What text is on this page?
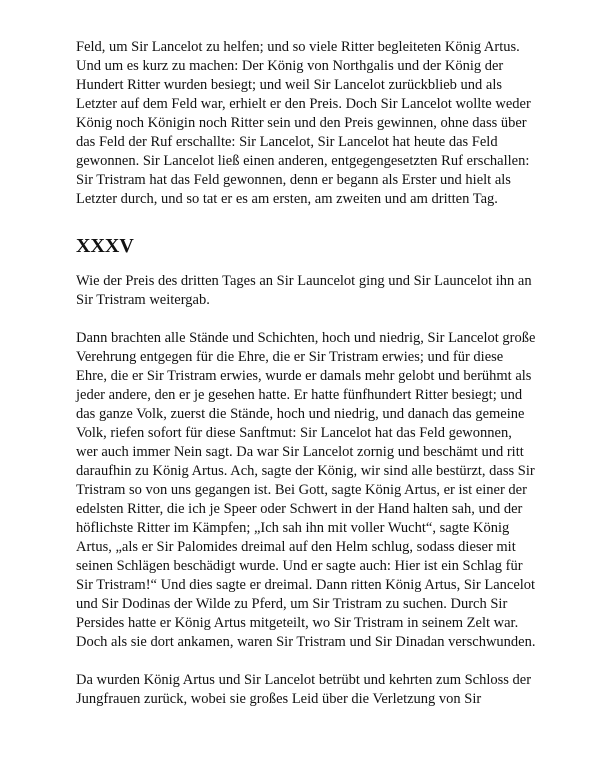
Feld, um Sir Lancelot zu helfen; und so viele Ritter begleiteten König Artus. Und um es kurz zu machen: Der König von Northgalis und der König der Hundert Ritter wurden besiegt; und weil Sir Lancelot zurückblieb und als Letzter auf dem Feld war, erhielt er den Preis. Doch Sir Lancelot wollte weder König noch Königin noch Ritter sein und den Preis gewinnen, ohne dass über das Feld der Ruf erschallte: Sir Lancelot, Sir Lancelot hat heute das Feld gewonnen. Sir Lancelot ließ einen anderen, entgegengesetzten Ruf erschallen: Sir Tristram hat das Feld gewonnen, denn er begann als Erster und hielt als Letzter durch, und so tat er es am ersten, am zweiten und am dritten Tag.

XXXV

Wie der Preis des dritten Tages an Sir Launcelot ging und Sir Launcelot ihn an Sir Tristram weitergab.

Dann brachten alle Stände und Schichten, hoch und niedrig, Sir Lancelot große Verehrung entgegen für die Ehre, die er Sir Tristram erwies; und für diese Ehre, die er Sir Tristram erwies, wurde er damals mehr gelobt und berühmt als jeder andere, den er je gesehen hatte. Er hatte fünfhundert Ritter besiegt; und das ganze Volk, zuerst die Stände, hoch und niedrig, und danach das gemeine Volk, riefen sofort für diese Sanftmut: Sir Lancelot hat das Feld gewonnen, wer auch immer Nein sagt. Da war Sir Lancelot zornig und beschämt und ritt daraufhin zu König Artus. Ach, sagte der König, wir sind alle bestürzt, dass Sir Tristram so von uns gegangen ist. Bei Gott, sagte König Artus, er ist einer der edelsten Ritter, die ich je Speer oder Schwert in der Hand halten sah, und der höflichste Ritter im Kämpfen; „Ich sah ihn mit voller Wucht“, sagte König Artus, „als er Sir Palomides dreimal auf den Helm schlug, sodass dieser mit seinen Schlägen beschädigt wurde. Und er sagte auch: Hier ist ein Schlag für Sir Tristram!“ Und dies sagte er dreimal. Dann ritten König Artus, Sir Lancelot und Sir Dodinas der Wilde zu Pferd, um Sir Tristram zu suchen. Durch Sir Persides hatte er König Artus mitgeteilt, wo Sir Tristram in seinem Zelt war. Doch als sie dort ankamen, waren Sir Tristram und Sir Dinadan verschwunden.

Da wurden König Artus und Sir Lancelot betrübt und kehrten zum Schloss der Jungfrauen zurück, wobei sie großes Leid über die Verletzung von Sir
